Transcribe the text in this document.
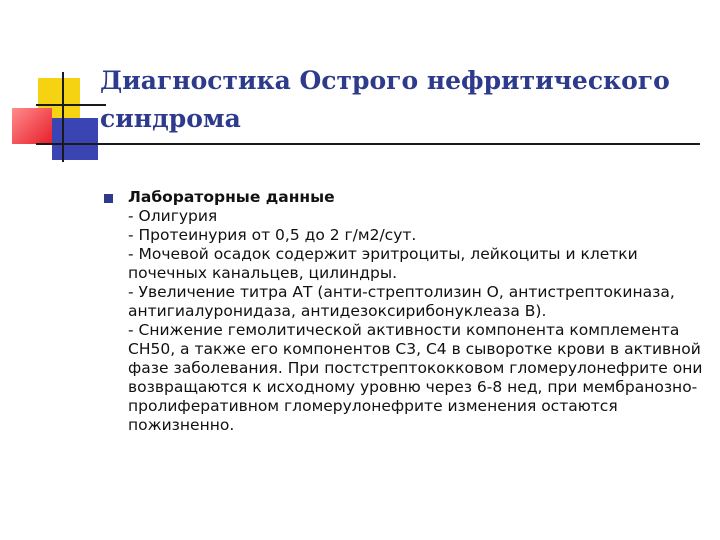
Диагностика Острого нефритического синдрома
Лабораторные данные
- Олигурия
- Протеинурия от 0,5 до 2 г/м2/сут.
- Мочевой осадок содержит эритроциты, лейкоциты и клетки почечных канальцев, цилиндры.
- Увеличение титра АТ (анти-стрептолизин О, антистрептокиназа, антигиалуронидаза, антидезоксирибонуклеаза В).
- Снижение гемолитической активности компонента комплемента СН50, а также его компонентов С3, С4 в сыворотке крови в активной фазе заболевания. При постстрептококковом гломерулонефрите они возвращаются к исходному уровню через 6-8 нед, при мембранозно-пролиферативном гломерулонефрите изменения остаются пожизненно.
